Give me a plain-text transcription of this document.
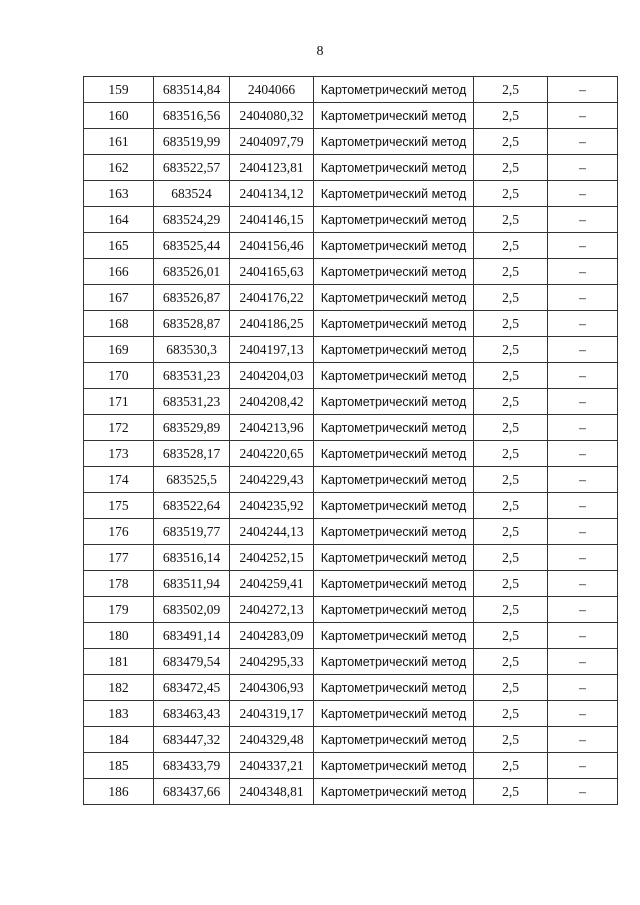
8
159	683514,84	2404066	Картометрический метод	2,5	–
160	683516,56	2404080,32	Картометрический метод	2,5	–
161	683519,99	2404097,79	Картометрический метод	2,5	–
162	683522,57	2404123,81	Картометрический метод	2,5	–
163	683524	2404134,12	Картометрический метод	2,5	–
164	683524,29	2404146,15	Картометрический метод	2,5	–
165	683525,44	2404156,46	Картометрический метод	2,5	–
166	683526,01	2404165,63	Картометрический метод	2,5	–
167	683526,87	2404176,22	Картометрический метод	2,5	–
168	683528,87	2404186,25	Картометрический метод	2,5	–
169	683530,3	2404197,13	Картометрический метод	2,5	–
170	683531,23	2404204,03	Картометрический метод	2,5	–
171	683531,23	2404208,42	Картометрический метод	2,5	–
172	683529,89	2404213,96	Картометрический метод	2,5	–
173	683528,17	2404220,65	Картометрический метод	2,5	–
174	683525,5	2404229,43	Картометрический метод	2,5	–
175	683522,64	2404235,92	Картометрический метод	2,5	–
176	683519,77	2404244,13	Картометрический метод	2,5	–
177	683516,14	2404252,15	Картометрический метод	2,5	–
178	683511,94	2404259,41	Картометрический метод	2,5	–
179	683502,09	2404272,13	Картометрический метод	2,5	–
180	683491,14	2404283,09	Картометрический метод	2,5	–
181	683479,54	2404295,33	Картометрический метод	2,5	–
182	683472,45	2404306,93	Картометрический метод	2,5	–
183	683463,43	2404319,17	Картометрический метод	2,5	–
184	683447,32	2404329,48	Картометрический метод	2,5	–
185	683433,79	2404337,21	Картометрический метод	2,5	–
186	683437,66	2404348,81	Картометрический метод	2,5	–
